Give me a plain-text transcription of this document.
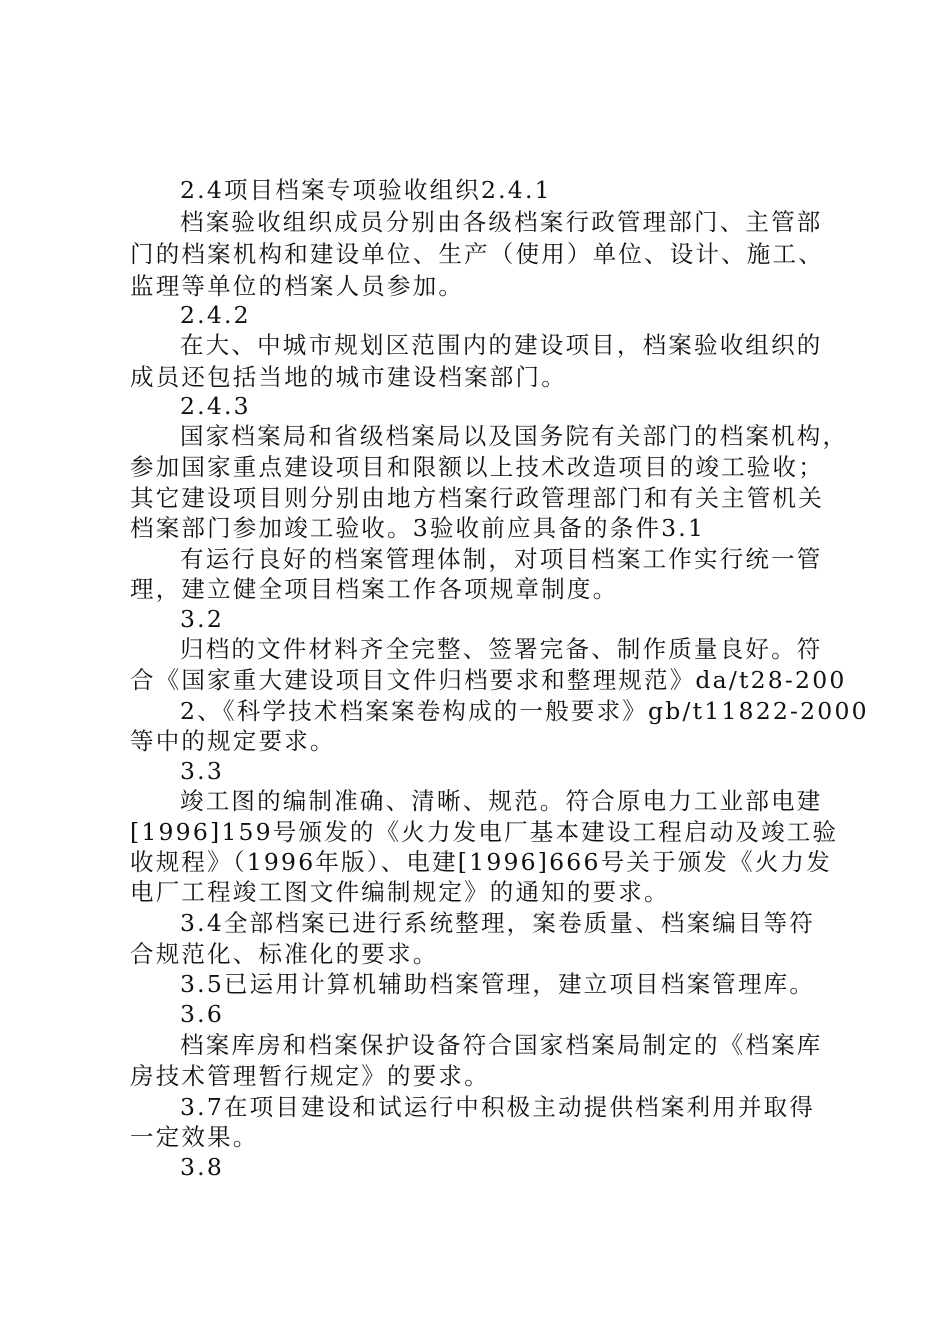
2.4项目档案专项验收组织2.4.1
档案验收组织成员分别由各级档案行政管理部门、主管部
门的档案机构和建设单位、生产（使用）单位、设计、施工、
监理等单位的档案人员参加。
2.4.2
在大、中城市规划区范围内的建设项目，档案验收组织的
成员还包括当地的城市建设档案部门。
2.4.3
国家档案局和省级档案局以及国务院有关部门的档案机构，
参加国家重点建设项目和限额以上技术改造项目的竣工验收；
其它建设项目则分别由地方档案行政管理部门和有关主管机关
档案部门参加竣工验收。3验收前应具备的条件3.1
有运行良好的档案管理体制，对项目档案工作实行统一管
理，建立健全项目档案工作各项规章制度。
3.2
归档的文件材料齐全完整、签署完备、制作质量良好。符
合《国家重大建设项目文件归档要求和整理规范》da/t28-200
2、《科学技术档案案卷构成的一般要求》gb/t11822-2000
等中的规定要求。
3.3
竣工图的编制准确、清晰、规范。符合原电力工业部电建
[1996]159号颁发的《火力发电厂基本建设工程启动及竣工验
收规程》（1996年版）、电建[1996]666号关于颁发《火力发
电厂工程竣工图文件编制规定》的通知的要求。
3.4全部档案已进行系统整理，案卷质量、档案编目等符
合规范化、标准化的要求。
3.5已运用计算机辅助档案管理，建立项目档案管理库。
3.6
档案库房和档案保护设备符合国家档案局制定的《档案库
房技术管理暂行规定》的要求。
3.7在项目建设和试运行中积极主动提供档案利用并取得
一定效果。
3.8
